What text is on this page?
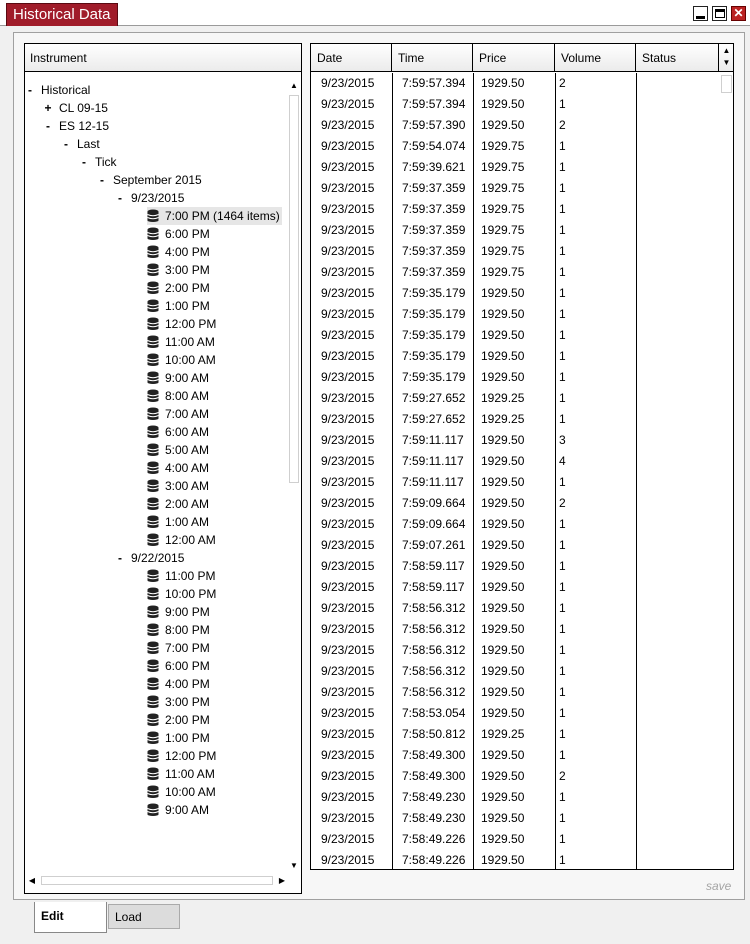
Historical Data	✕
Instrument
- Historical
+ CL 09-15
- ES 12-15
- Last
- Tick
- September 2015
- 9/23/2015
7:00 PM (1464 items)
6:00 PM
4:00 PM
3:00 PM
2:00 PM
1:00 PM
12:00 PM
11:00 AM
10:00 AM
9:00 AM
8:00 AM
7:00 AM
6:00 AM
5:00 AM
4:00 AM
3:00 AM
2:00 AM
1:00 AM
12:00 AM
- 9/22/2015
11:00 PM
10:00 PM
9:00 PM
8:00 PM
7:00 PM
6:00 PM
4:00 PM
3:00 PM
2:00 PM
1:00 PM
12:00 PM
11:00 AM
10:00 AM
9:00 AM
▲
▼
◀	▶
Date	Time	Price	Volume	Status
9/23/2015	7:59:57.394	1929.50	2
9/23/2015	7:59:57.394	1929.50	1
9/23/2015	7:59:57.390	1929.50	2
9/23/2015	7:59:54.074	1929.75	1
9/23/2015	7:59:39.621	1929.75	1
9/23/2015	7:59:37.359	1929.75	1
9/23/2015	7:59:37.359	1929.75	1
9/23/2015	7:59:37.359	1929.75	1
9/23/2015	7:59:37.359	1929.75	1
9/23/2015	7:59:37.359	1929.75	1
9/23/2015	7:59:35.179	1929.50	1
9/23/2015	7:59:35.179	1929.50	1
9/23/2015	7:59:35.179	1929.50	1
9/23/2015	7:59:35.179	1929.50	1
9/23/2015	7:59:35.179	1929.50	1
9/23/2015	7:59:27.652	1929.25	1
9/23/2015	7:59:27.652	1929.25	1
9/23/2015	7:59:11.117	1929.50	3
9/23/2015	7:59:11.117	1929.50	4
9/23/2015	7:59:11.117	1929.50	1
9/23/2015	7:59:09.664	1929.50	2
9/23/2015	7:59:09.664	1929.50	1
9/23/2015	7:59:07.261	1929.50	1
9/23/2015	7:58:59.117	1929.50	1
9/23/2015	7:58:59.117	1929.50	1
9/23/2015	7:58:56.312	1929.50	1
9/23/2015	7:58:56.312	1929.50	1
9/23/2015	7:58:56.312	1929.50	1
9/23/2015	7:58:56.312	1929.50	1
9/23/2015	7:58:56.312	1929.50	1
9/23/2015	7:58:53.054	1929.50	1
9/23/2015	7:58:50.812	1929.25	1
9/23/2015	7:58:49.300	1929.50	1
9/23/2015	7:58:49.300	1929.50	2
9/23/2015	7:58:49.230	1929.50	1
9/23/2015	7:58:49.230	1929.50	1
9/23/2015	7:58:49.226	1929.50	1
9/23/2015	7:58:49.226	1929.50	1
▲
▼
save
Edit	Load
